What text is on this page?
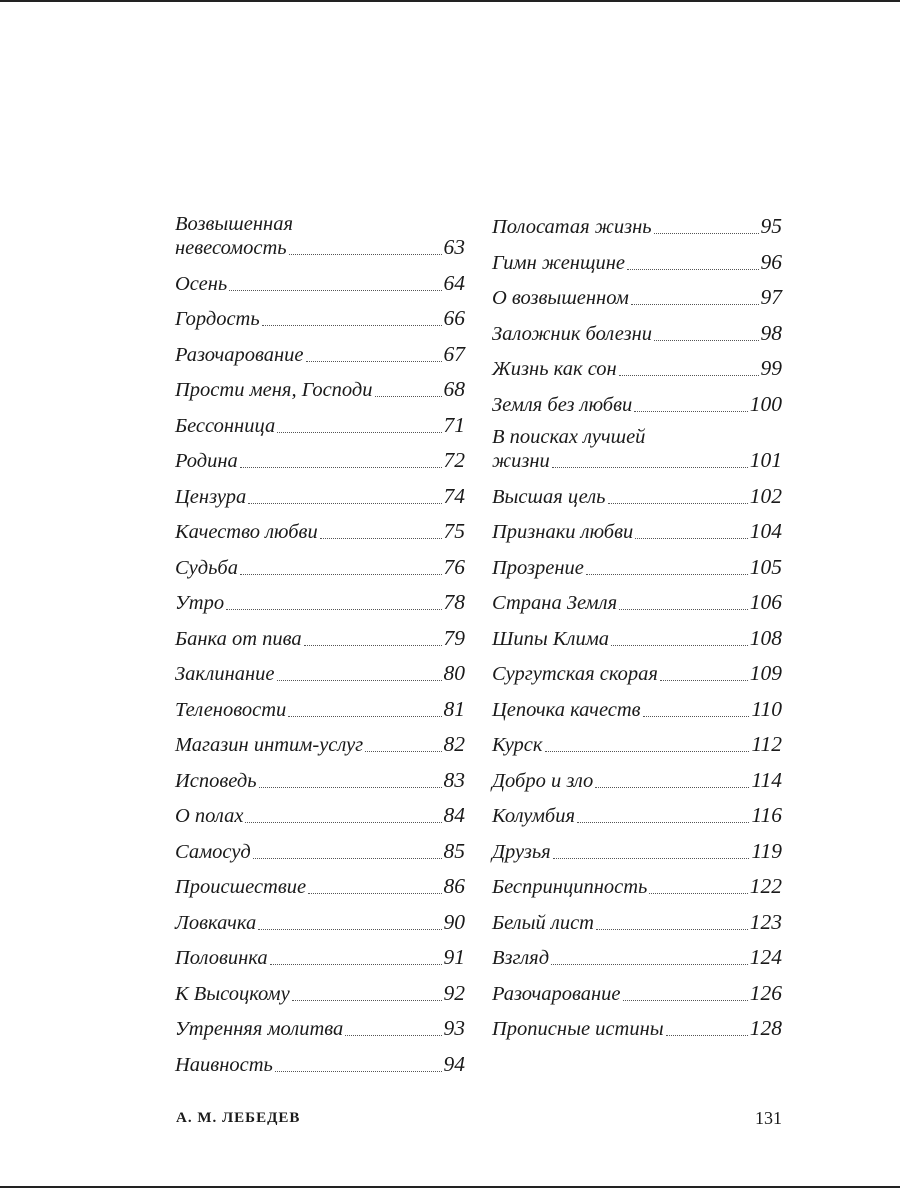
Возвышенная
невесомость	63
Осень	64
Гордость	66
Разочарование	67
Прости меня, Господи	68
Бессонница	71
Родина	72
Цензура	74
Качество любви	75
Судьба	76
Утро	78
Банка от пива	79
Заклинание	80
Теленовости	81
Магазин интим-услуг	82
Исповедь	83
О полах	84
Самосуд	85
Происшествие	86
Ловкачка	90
Половинка	91
К Высоцкому	92
Утренняя молитва	93
Наивность	94
Полосатая жизнь	95
Гимн женщине	96
О возвышенном	97
Заложник болезни	98
Жизнь как сон	99
Земля без любви	100
В поисках лучшей
жизни	101
Высшая цель	102
Признаки любви	104
Прозрение	105
Страна Земля	106
Шипы Клима	108
Сургутская скорая	109
Цепочка качеств	110
Курск	112
Добро и зло	114
Колумбия	116
Друзья	119
Беспринципность	122
Белый лист	123
Взгляд	124
Разочарование	126
Прописные истины	128
А. М. ЛЕБЕДЕВ	131
